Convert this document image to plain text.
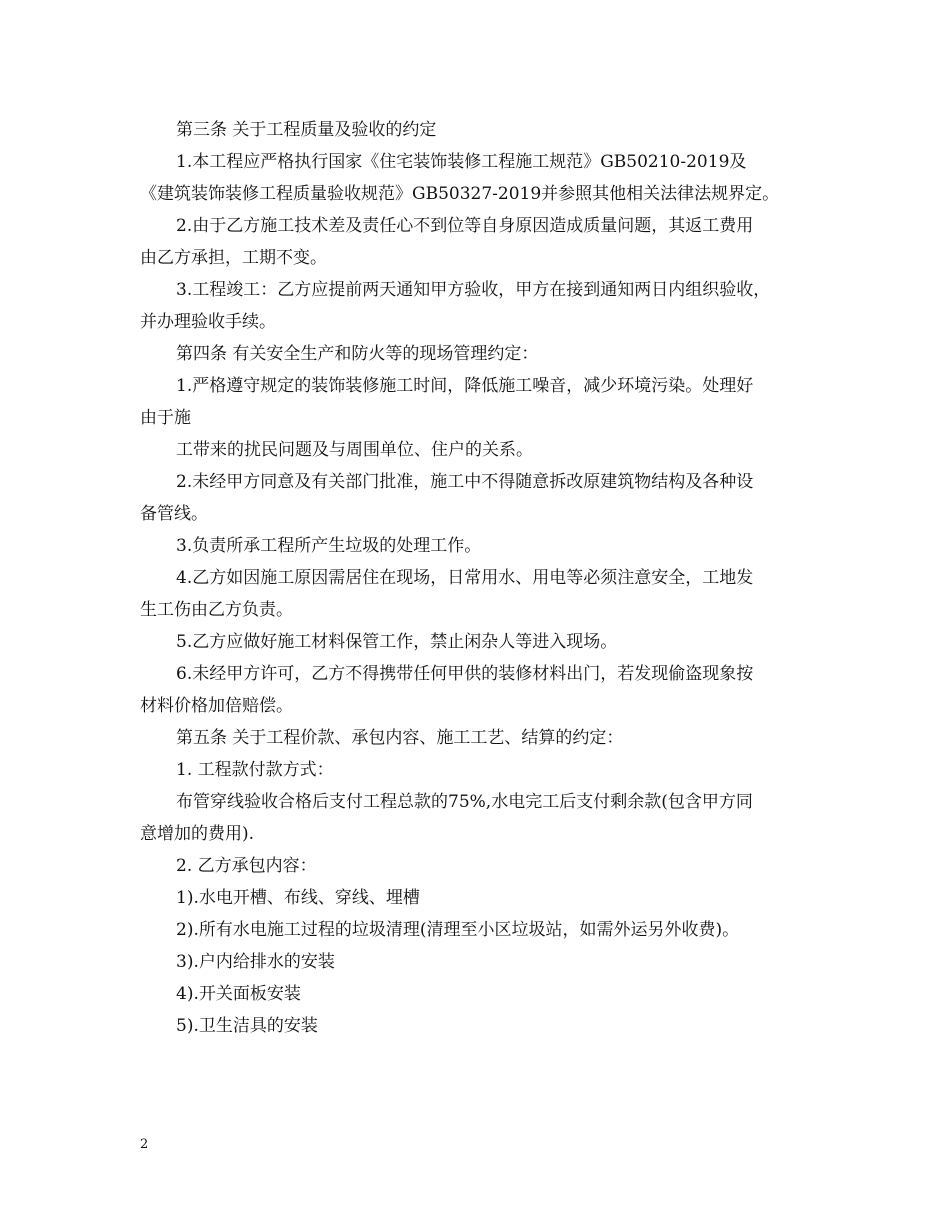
第三条 关于工程质量及验收的约定
1.本工程应严格执行国家《住宅装饰装修工程施工规范》GB50210-2019及
《建筑装饰装修工程质量验收规范》GB50327-2019并参照其他相关法律法规界定。
2.由于乙方施工技术差及责任心不到位等自身原因造成质量问题，其返工费用
由乙方承担，工期不变。
3.工程竣工：乙方应提前两天通知甲方验收，甲方在接到通知两日内组织验收，
并办理验收手续。
第四条 有关安全生产和防火等的现场管理约定：
1.严格遵守规定的装饰装修施工时间，降低施工噪音，减少环境污染。处理好
由于施
工带来的扰民问题及与周围单位、住户的关系。
2.未经甲方同意及有关部门批准，施工中不得随意拆改原建筑物结构及各种设
备管线。
3.负责所承工程所产生垃圾的处理工作。
4.乙方如因施工原因需居住在现场，日常用水、用电等必须注意安全，工地发
生工伤由乙方负责。
5.乙方应做好施工材料保管工作，禁止闲杂人等进入现场。
6.未经甲方许可，乙方不得携带任何甲供的装修材料出门，若发现偷盗现象按
材料价格加倍赔偿。
第五条 关于工程价款、承包内容、施工工艺、结算的约定：
1. 工程款付款方式：
布管穿线验收合格后支付工程总款的75%,水电完工后支付剩余款(包含甲方同
意增加的费用).
2. 乙方承包内容：
1).水电开槽、布线、穿线、埋槽
2).所有水电施工过程的垃圾清理(清理至小区垃圾站，如需外运另外收费)。
3).户内给排水的安装
4).开关面板安装
5).卫生洁具的安装
2
